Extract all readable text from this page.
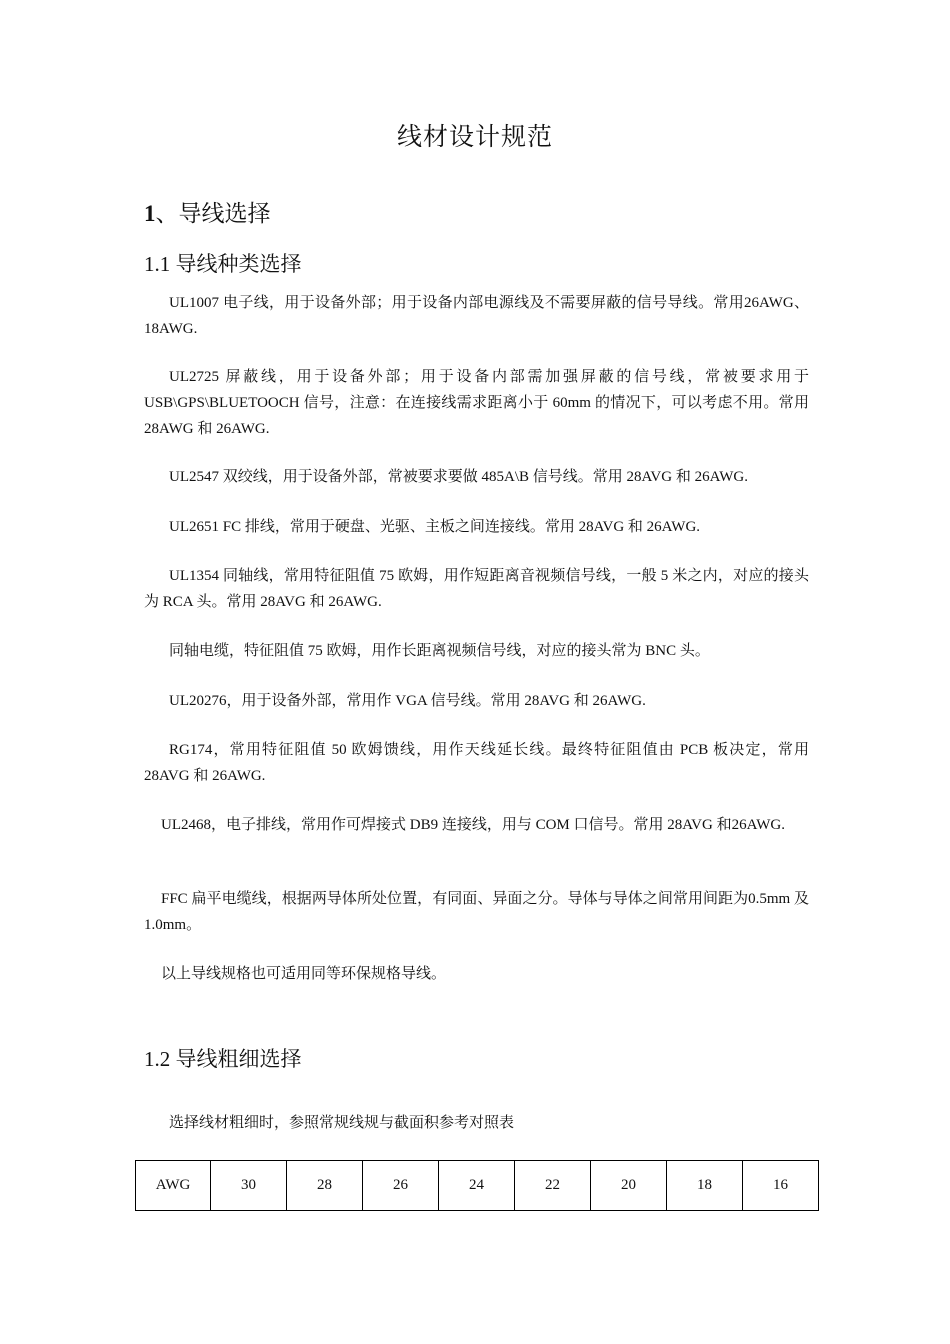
线材设计规范
1、导线选择
1.1 导线种类选择
UL1007 电子线，用于设备外部；用于设备内部电源线及不需要屏蔽的信号导线。常用26AWG、18AWG.
UL2725 屏蔽线，用于设备外部；用于设备内部需加强屏蔽的信号线，常被要求用于USB\GPS\BLUETOOCH 信号，注意：在连接线需求距离小于 60mm 的情况下，可以考虑不用。常用 28AWG 和 26AWG.
UL2547 双绞线，用于设备外部，常被要求要做 485A\B 信号线。常用 28AVG 和 26AWG.
UL2651 FC 排线，常用于硬盘、光驱、主板之间连接线。常用 28AVG 和 26AWG.
UL1354 同轴线，常用特征阻值 75 欧姆，用作短距离音视频信号线，一般 5 米之内，对应的接头为 RCA 头。常用 28AVG 和 26AWG.
同轴电缆，特征阻值 75 欧姆，用作长距离视频信号线，对应的接头常为 BNC 头。
UL20276，用于设备外部，常用作 VGA 信号线。常用 28AVG 和 26AWG.
RG174，常用特征阻值 50 欧姆馈线，用作天线延长线。最终特征阻值由 PCB 板决定，常用 28AVG 和 26AWG.
UL2468，电子排线，常用作可焊接式 DB9 连接线，用与 COM 口信号。常用 28AVG 和26AWG.
FFC 扁平电缆线，根据两导体所处位置，有同面、异面之分。导体与导体之间常用间距为0.5mm 及 1.0mm。
以上导线规格也可适用同等环保规格导线。
1.2 导线粗细选择
选择线材粗细时，参照常规线规与截面积参考对照表
AWG	30	28	26	24	22	20	18	16
